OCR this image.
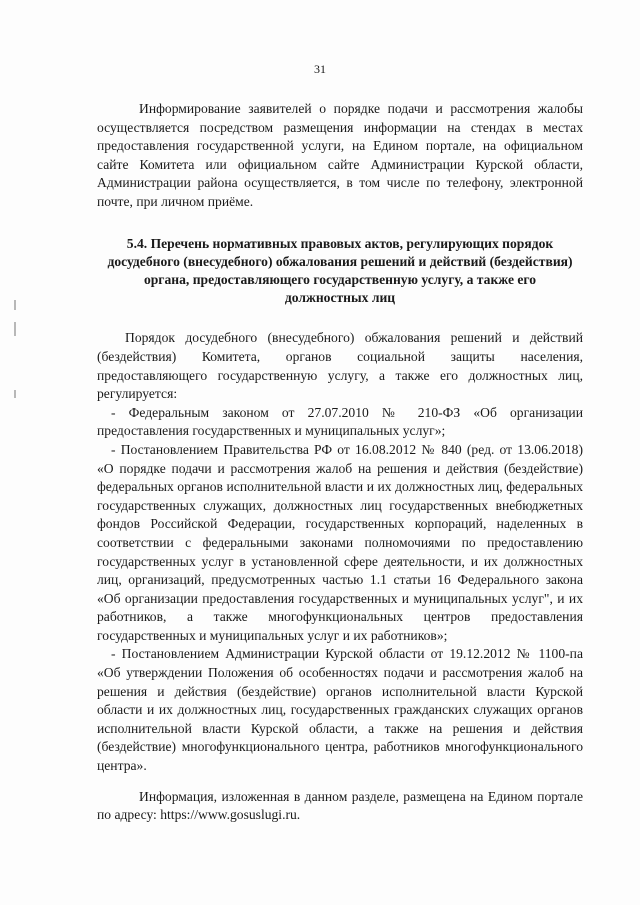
31

Информирование заявителей о порядке подачи и рассмотрения жалобы осуществляется посредством размещения информации на стендах в местах предоставления государственной услуги, на Едином портале, на официальном сайте Комитета или официальном сайте Администрации Курской области, Администрации района осуществляется, в том числе по телефону, электронной почте, при личном приёме.

5.4. Перечень нормативных правовых актов, регулирующих порядок досудебного (внесудебного) обжалования решений и действий (бездействия) органа, предоставляющего государственную услугу, а также его должностных лиц

Порядок досудебного (внесудебного) обжалования решений и действий (бездействия) Комитета, органов социальной защиты населения, предоставляющего государственную услугу, а также его должностных лиц, регулируется:

- Федеральным законом от 27.07.2010 № 210-ФЗ «Об организации предоставления государственных и муниципальных услуг»;

- Постановлением Правительства РФ от 16.08.2012 № 840 (ред. от 13.06.2018) «О порядке подачи и рассмотрения жалоб на решения и действия (бездействие) федеральных органов исполнительной власти и их должностных лиц, федеральных государственных служащих, должностных лиц государственных внебюджетных фондов Российской Федерации, государственных корпораций, наделенных в соответствии с федеральными законами полномочиями по предоставлению государственных услуг в установленной сфере деятельности, и их должностных лиц, организаций, предусмотренных частью 1.1 статьи 16 Федерального закона «Об организации предоставления государственных и муниципальных услуг", и их работников, а также многофункциональных центров предоставления государственных и муниципальных услуг и их работников»;

- Постановлением Администрации Курской области от 19.12.2012 № 1100-па «Об утверждении Положения об особенностях подачи и рассмотрения жалоб на решения и действия (бездействие) органов исполнительной власти Курской области и их должностных лиц, государственных гражданских служащих органов исполнительной власти Курской области, а также на решения и действия (бездействие) многофункционального центра, работников многофункционального центра».

Информация, изложенная в данном разделе, размещена на Едином портале по адресу: https://www.gosuslugi.ru.
